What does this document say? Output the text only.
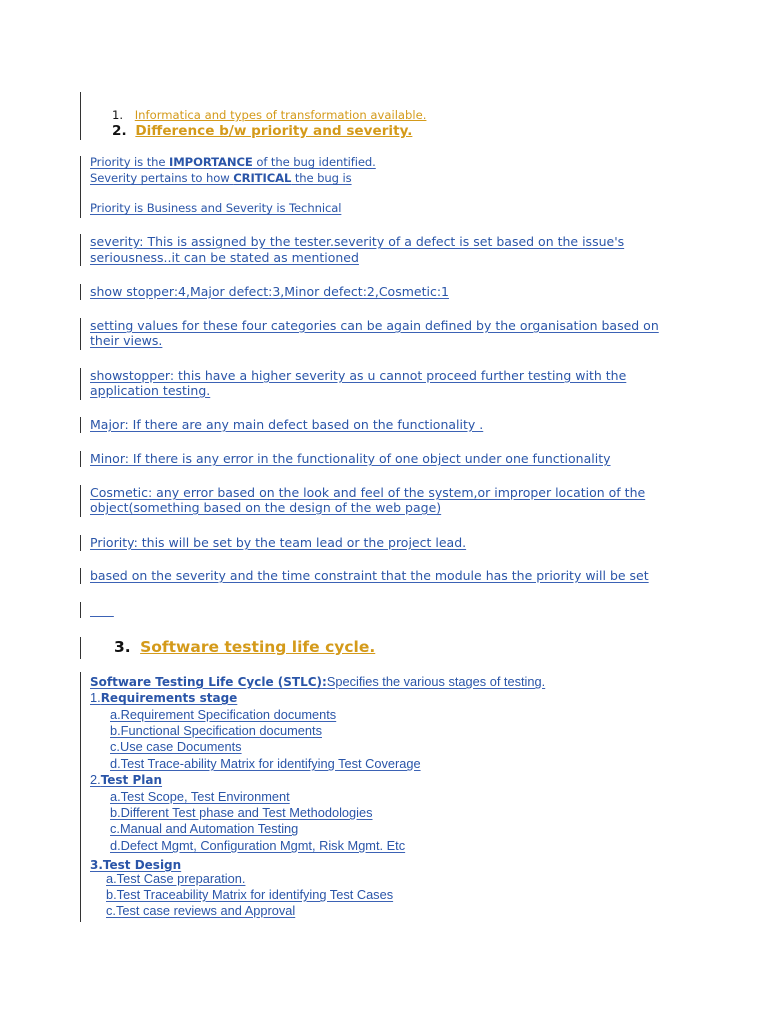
1. Informatica and types of transformation available.
2. Difference b/w priority and severity.
Priority is the IMPORTANCE of the bug identified.
Severity pertains to how CRITICAL the bug is
Priority is Business and Severity is Technical
severity: This is assigned by the tester.severity of a defect is set based on the issue's
seriousness..it can be stated as mentioned
show stopper:4,Major defect:3,Minor defect:2,Cosmetic:1
setting values for these four categories can be again defined by the organisation based on
their views.
showstopper: this have a higher severity as u cannot proceed further testing with the
application testing.
Major: If there are any main defect based on the functionality .
Minor: If there is any error in the functionality of one object under one functionality
Cosmetic: any error based on the look and feel of the system,or improper location of the
object(something based on the design of the web page)
Priority: this will be set by the team lead or the project lead.
based on the severity and the time constraint that the module has the priority will be set

3. Software testing life cycle.
Software Testing Life Cycle (STLC):Specifies the various stages of testing.
1.Requirements stage
a.Requirement Specification documents
b.Functional Specification documents
c.Use case Documents
d.Test Trace-ability Matrix for identifying Test Coverage
2.Test Plan
a.Test Scope, Test Environment
b.Different Test phase and Test Methodologies
c.Manual and Automation Testing
d.Defect Mgmt, Configuration Mgmt, Risk Mgmt. Etc
3.Test Design
a.Test Case preparation.
b.Test Traceability Matrix for identifying Test Cases
c.Test case reviews and Approval
